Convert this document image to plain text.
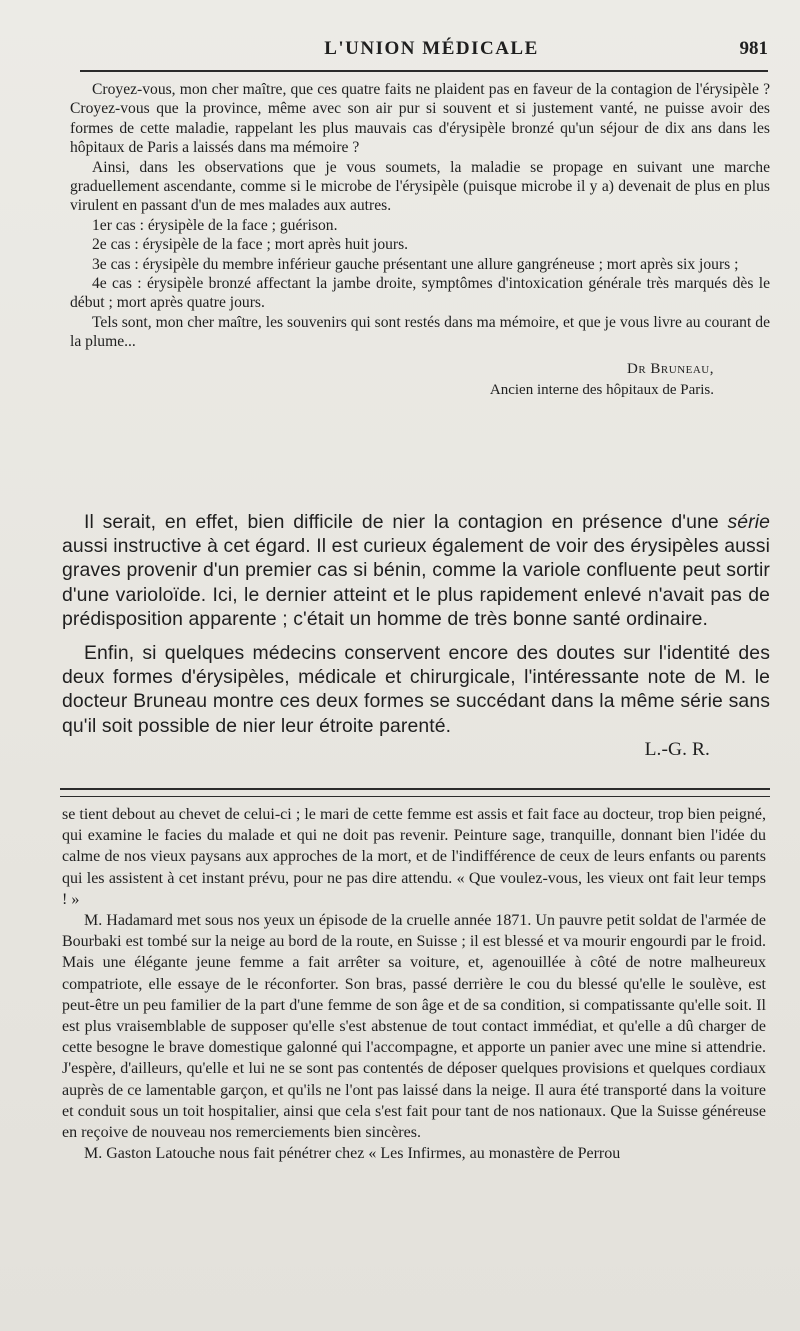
L'UNION MÉDICALE	981

Croyez-vous, mon cher maître, que ces quatre faits ne plaident pas en faveur de la contagion de l'érysipèle ? Croyez-vous que la province, même avec son air pur si souvent et si justement vanté, ne puisse avoir des formes de cette maladie, rappelant les plus mauvais cas d'érysipèle bronzé qu'un séjour de dix ans dans les hôpitaux de Paris a laissés dans ma mémoire ?

Ainsi, dans les observations que je vous soumets, la maladie se propage en suivant une marche graduellement ascendante, comme si le microbe de l'érysipèle (puisque microbe il y a) devenait de plus en plus virulent en passant d'un de mes malades aux autres.

1er cas : érysipèle de la face ; guérison.

2e cas : érysipèle de la face ; mort après huit jours.

3e cas : érysipèle du membre inférieur gauche présentant une allure gangréneuse ; mort après six jours ;

4e cas : érysipèle bronzé affectant la jambe droite, symptômes d'intoxication générale très marqués dès le début ; mort après quatre jours.

Tels sont, mon cher maître, les souvenirs qui sont restés dans ma mémoire, et que je vous livre au courant de la plume...

Dr Bruneau,
Ancien interne des hôpitaux de Paris.

Il serait, en effet, bien difficile de nier la contagion en présence d'une série aussi instructive à cet égard. Il est curieux également de voir des érysipèles aussi graves provenir d'un premier cas si bénin, comme la variole confluente peut sortir d'une varioloïde. Ici, le dernier atteint et le plus rapidement enlevé n'avait pas de prédisposition apparente ; c'était un homme de très bonne santé ordinaire.

Enfin, si quelques médecins conservent encore des doutes sur l'identité des deux formes d'érysipèles, médicale et chirurgicale, l'intéressante note de M. le docteur Bruneau montre ces deux formes se succédant dans la même série sans qu'il soit possible de nier leur étroite parenté.

L.-G. R.

se tient debout au chevet de celui-ci ; le mari de cette femme est assis et fait face au docteur, trop bien peigné, qui examine le facies du malade et qui ne doit pas revenir. Peinture sage, tranquille, donnant bien l'idée du calme de nos vieux paysans aux approches de la mort, et de l'indifférence de ceux de leurs enfants ou parents qui les assistent à cet instant prévu, pour ne pas dire attendu. « Que voulez-vous, les vieux ont fait leur temps ! »

M. Hadamard met sous nos yeux un épisode de la cruelle année 1871. Un pauvre petit soldat de l'armée de Bourbaki est tombé sur la neige au bord de la route, en Suisse ; il est blessé et va mourir engourdi par le froid. Mais une élégante jeune femme a fait arrêter sa voiture, et, agenouillée à côté de notre malheureux compatriote, elle essaye de le réconforter. Son bras, passé derrière le cou du blessé qu'elle le soulève, est peut-être un peu familier de la part d'une femme de son âge et de sa condition, si compatissante qu'elle soit. Il est plus vraisemblable de supposer qu'elle s'est abstenue de tout contact immédiat, et qu'elle a dû charger de cette besogne le brave domestique galonné qui l'accompagne, et apporte un panier avec une mine si attendrie. J'espère, d'ailleurs, qu'elle et lui ne se sont pas contentés de déposer quelques provisions et quelques cordiaux auprès de ce lamentable garçon, et qu'ils ne l'ont pas laissé dans la neige. Il aura été transporté dans la voiture et conduit sous un toit hospitalier, ainsi que cela s'est fait pour tant de nos nationaux. Que la Suisse généreuse en reçoive de nouveau nos remerciements bien sincères.

M. Gaston Latouche nous fait pénétrer chez « Les Infirmes, au monastère de Perrou
